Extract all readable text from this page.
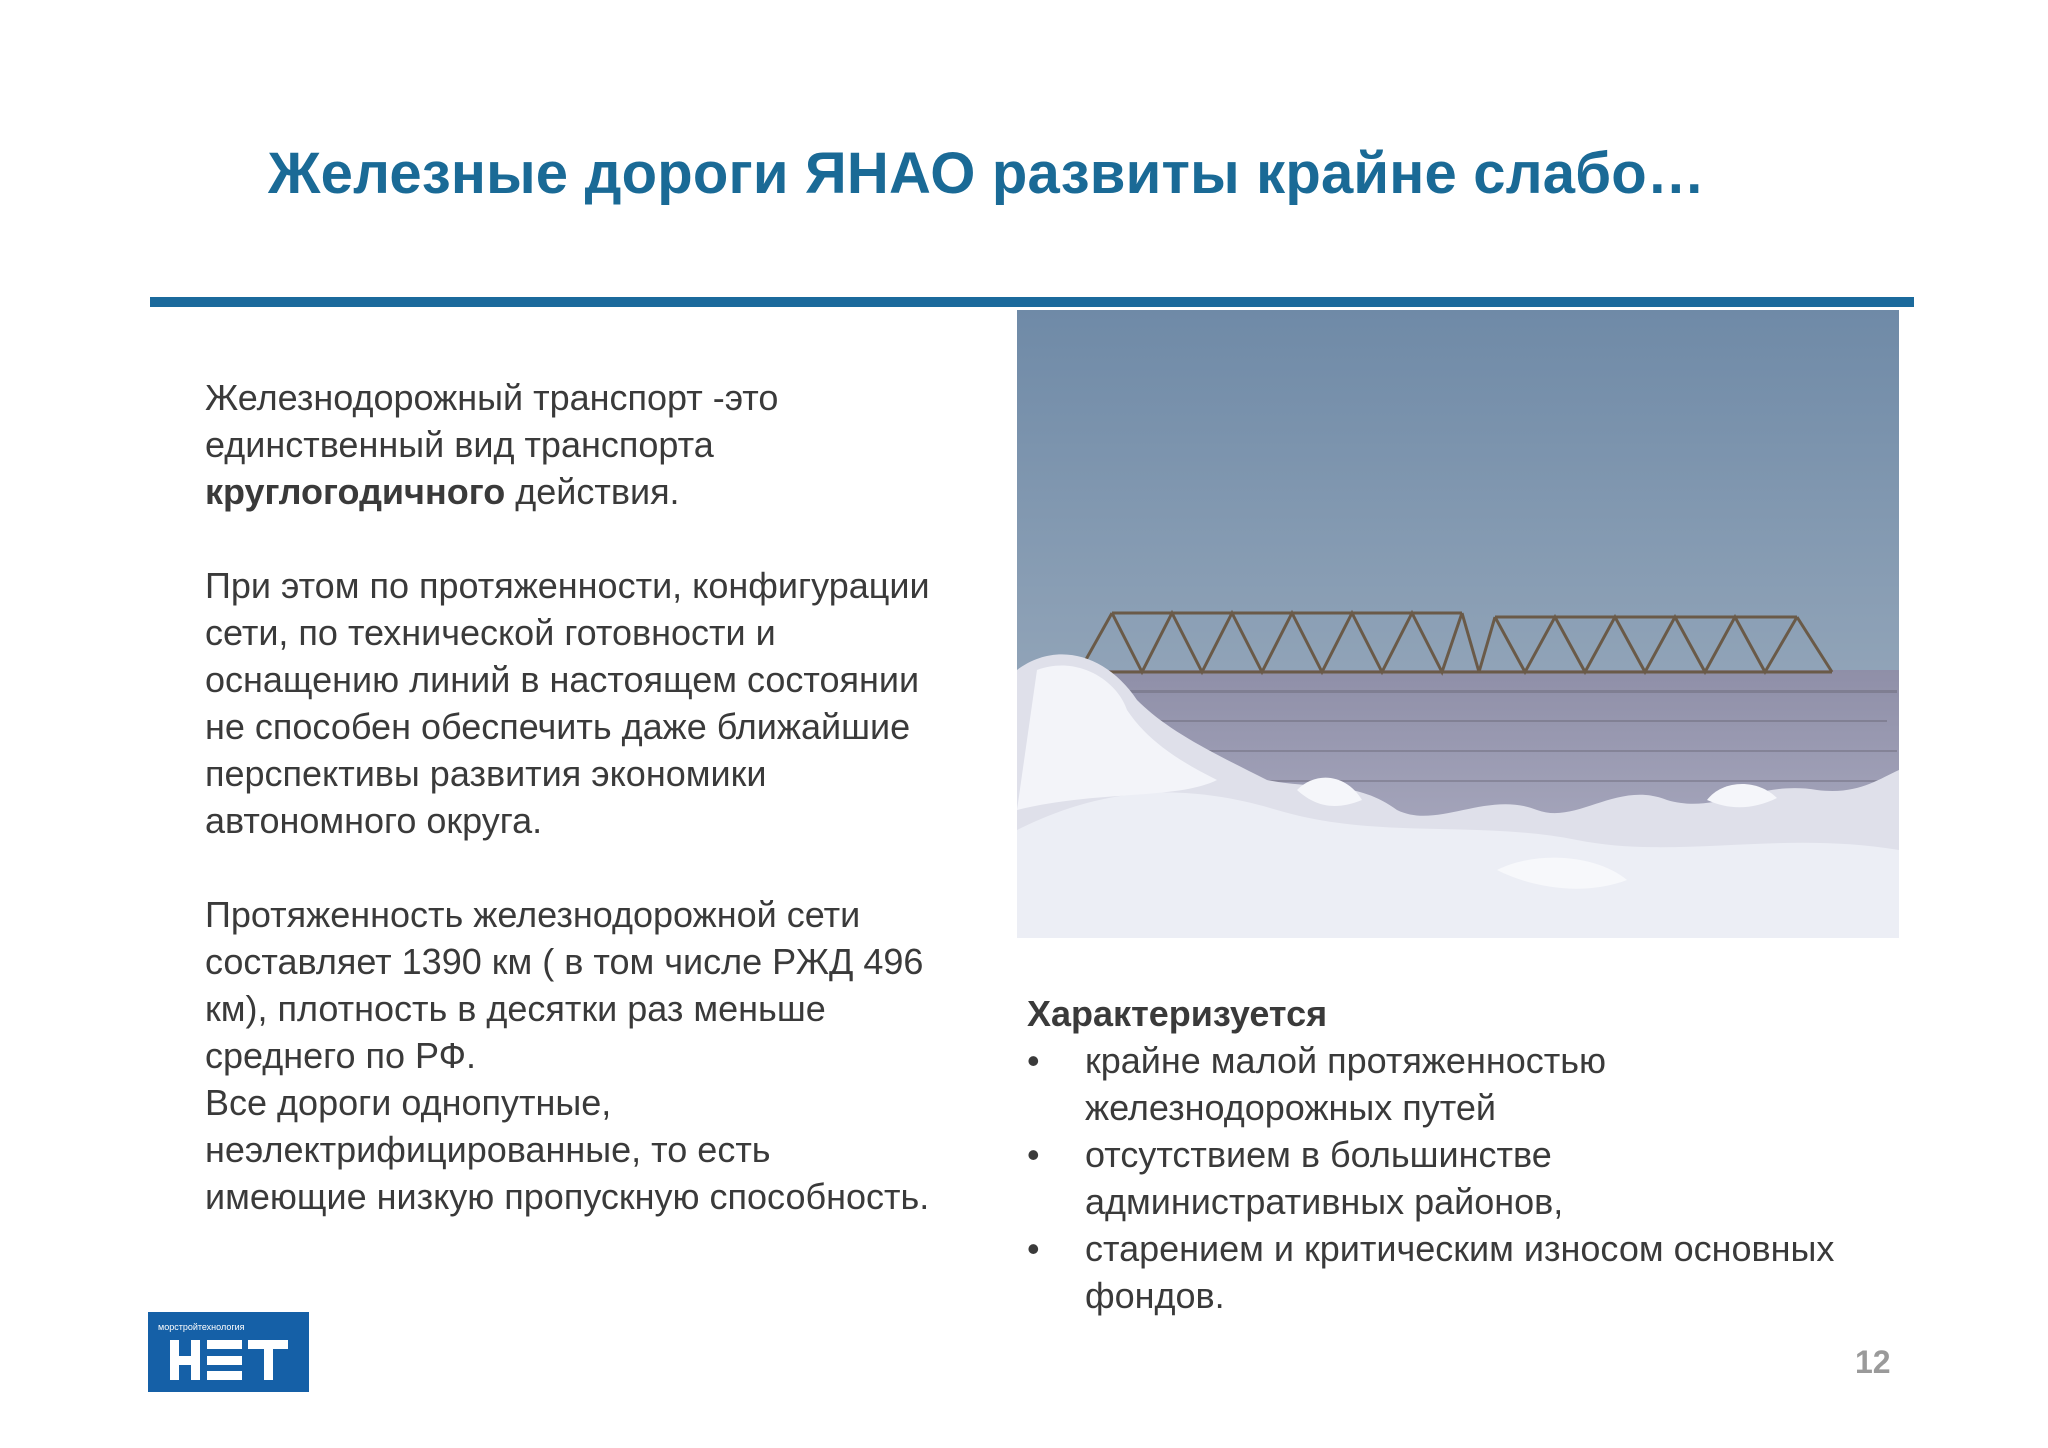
Железные дороги ЯНАО развиты крайне слабо…

Железнодорожный транспорт -это
единственный вид транспорта
круглогодичного действия.

При этом по протяженности, конфигурации
сети, по технической готовности и
оснащению линий в настоящем состоянии
не способен обеспечить даже ближайшие
перспективы развития экономики
автономного округа.

Протяженность железнодорожной сети
составляет 1390 км ( в том числе РЖД 496
км), плотность в десятки раз меньше
среднего по РФ.
Все дороги однопутные,
неэлектрифицированные, то есть
имеющие низкую пропускную способность.

Характеризуется

•	крайне малой протяженностью
железнодорожных путей
•	отсутствием в большинстве
административных районов,
•	старением и критическим износом основных
фондов.
морстройтехнология
12
